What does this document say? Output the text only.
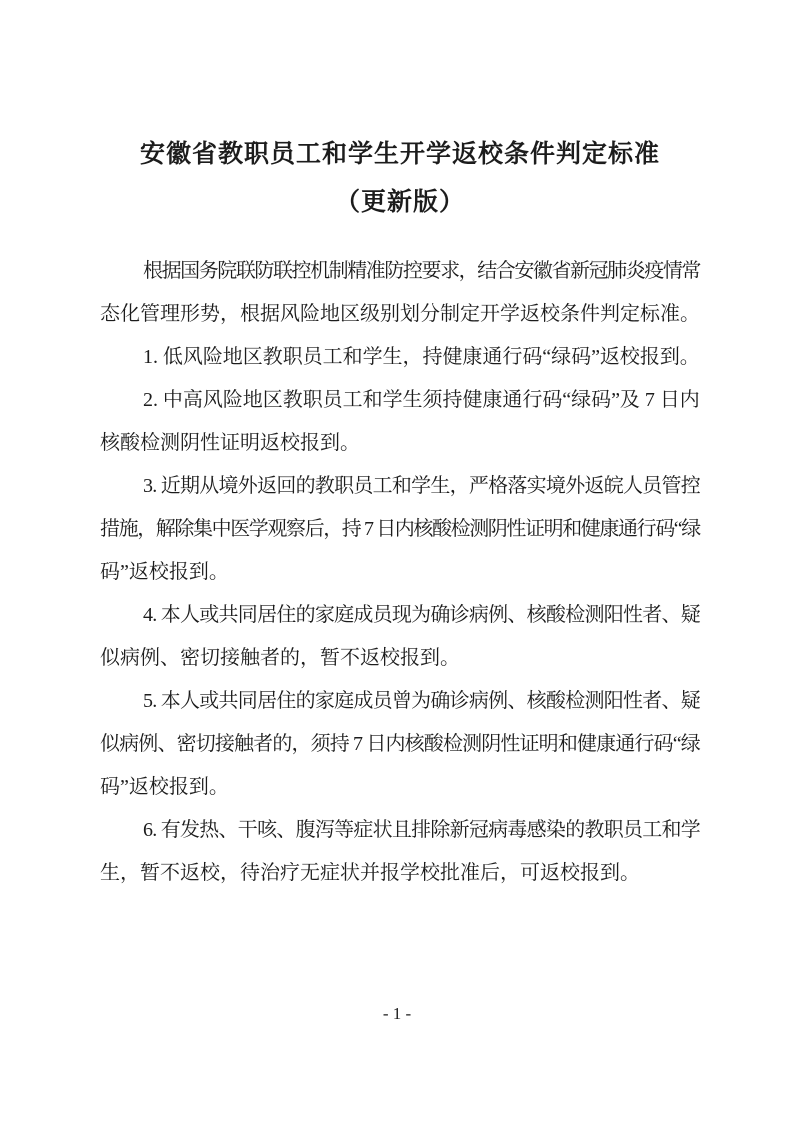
安徽省教职员工和学生开学返校条件判定标准
（更新版）
根据国务院联防联控机制精准防控要求，结合安徽省新冠肺炎疫情常
态化管理形势，根据风险地区级别划分制定开学返校条件判定标准。
1. 低风险地区教职员工和学生，持健康通行码“绿码”返校报到。
2. 中高风险地区教职员工和学生须持健康通行码“绿码”及 7 日内
核酸检测阴性证明返校报到。
3. 近期从境外返回的教职员工和学生，严格落实境外返皖人员管控
措施，解除集中医学观察后，持 7 日内核酸检测阴性证明和健康通行码“绿
码”返校报到。
4. 本人或共同居住的家庭成员现为确诊病例、核酸检测阳性者、疑
似病例、密切接触者的，暂不返校报到。
5. 本人或共同居住的家庭成员曾为确诊病例、核酸检测阳性者、疑
似病例、密切接触者的，须持 7 日内核酸检测阴性证明和健康通行码“绿
码”返校报到。
6. 有发热、干咳、腹泻等症状且排除新冠病毒感染的教职员工和学
生，暂不返校，待治疗无症状并报学校批准后，可返校报到。
- 1 -
